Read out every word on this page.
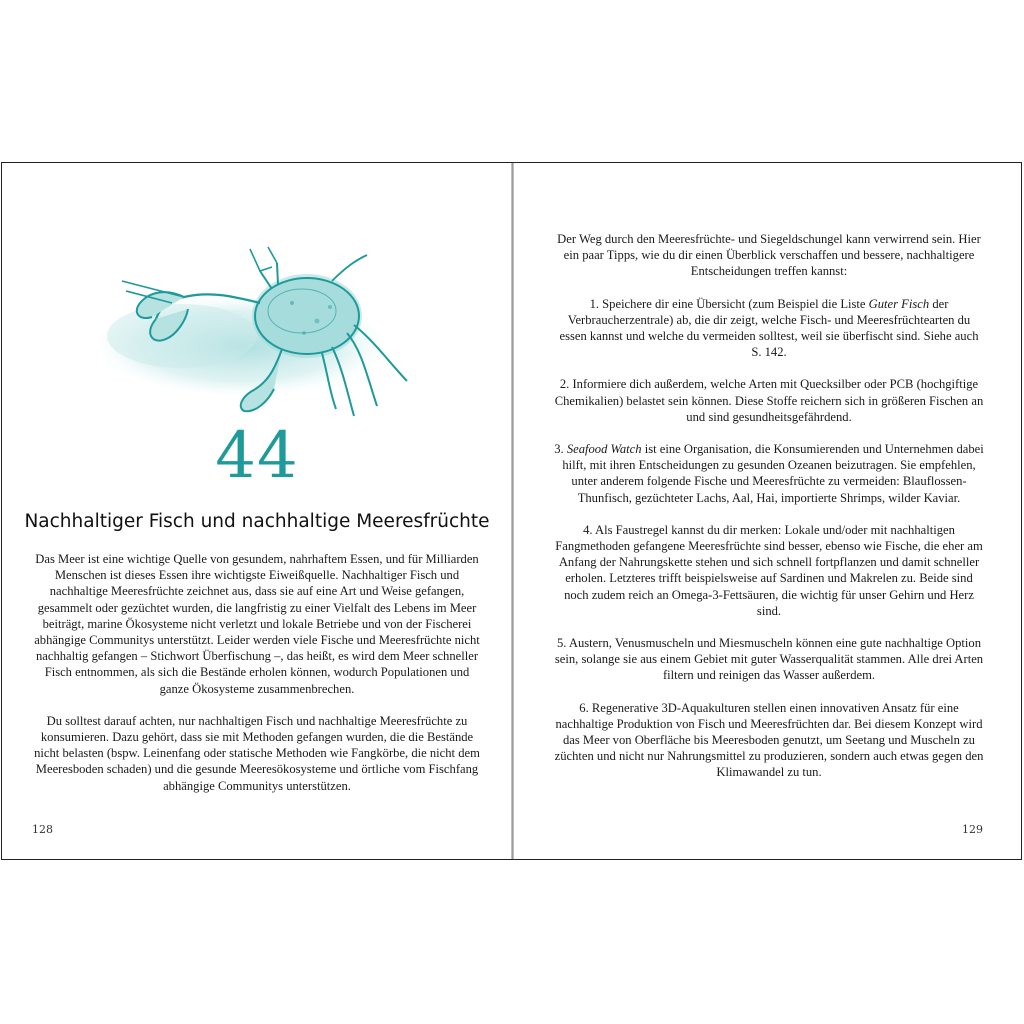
44
Nachhaltiger Fisch und nachhaltige Meeresfrüchte

Das Meer ist eine wichtige Quelle von gesundem, nahrhaftem Essen, und für Milliarden Menschen ist dieses Essen ihre wichtigste Eiweißquelle. Nachhaltiger Fisch und nachhaltige Meeresfrüchte zeichnet aus, dass sie auf eine Art und Weise gefangen, gesammelt oder gezüchtet wurden, die langfristig zu einer Vielfalt des Lebens im Meer beiträgt, marine Ökosysteme nicht verletzt und lokale Betriebe und von der Fischerei abhängige Communitys unterstützt. Leider werden viele Fische und Meeresfrüchte nicht nachhaltig gefangen – Stichwort Überfischung –, das heißt, es wird dem Meer schneller Fisch entnommen, als sich die Bestände erholen können, wodurch Populationen und ganze Ökosysteme zusammenbrechen.

Du solltest darauf achten, nur nachhaltigen Fisch und nachhaltige Meeresfrüchte zu konsumieren. Dazu gehört, dass sie mit Methoden gefangen wurden, die die Bestände nicht belasten (bspw. Leinenfang oder statische Methoden wie Fangkörbe, die nicht dem Meeresboden schaden) und die gesunde Meeresökosysteme und örtliche vom Fischfang abhängige Communitys unterstützen.

128

Der Weg durch den Meeresfrüchte- und Siegeldschungel kann verwirrend sein. Hier ein paar Tipps, wie du dir einen Überblick verschaffen und bessere, nachhaltigere Entscheidungen treffen kannst:

1. Speichere dir eine Übersicht (zum Beispiel die Liste Guter Fisch der Verbraucherzentrale) ab, die dir zeigt, welche Fisch- und Meeresfrüchtearten du essen kannst und welche du vermeiden solltest, weil sie überfischt sind. Siehe auch S. 142.

2. Informiere dich außerdem, welche Arten mit Quecksilber oder PCB (hochgiftige Chemikalien) belastet sein können. Diese Stoffe reichern sich in größeren Fischen an und sind gesundheitsgefährdend.

3. Seafood Watch ist eine Organisation, die Konsumierenden und Unternehmen dabei hilft, mit ihren Entscheidungen zu gesunden Ozeanen beizutragen. Sie empfehlen, unter anderem folgende Fische und Meeresfrüchte zu vermeiden: Blauflossen-Thunfisch, gezüchteter Lachs, Aal, Hai, importierte Shrimps, wilder Kaviar.

4. Als Faustregel kannst du dir merken: Lokale und/oder mit nachhaltigen Fangmethoden gefangene Meeresfrüchte sind besser, ebenso wie Fische, die eher am Anfang der Nahrungskette stehen und sich schnell fortpflanzen und damit schneller erholen. Letzteres trifft beispielsweise auf Sardinen und Makrelen zu. Beide sind noch zudem reich an Omega-3-Fettsäuren, die wichtig für unser Gehirn und Herz sind.

5. Austern, Venusmuscheln und Miesmuscheln können eine gute nachhaltige Option sein, solange sie aus einem Gebiet mit guter Wasserqualität stammen. Alle drei Arten filtern und reinigen das Wasser außerdem.

6. Regenerative 3D-Aquakulturen stellen einen innovativen Ansatz für eine nachhaltige Produktion von Fisch und Meeresfrüchten dar. Bei diesem Konzept wird das Meer von Oberfläche bis Meeresboden genutzt, um Seetang und Muscheln zu züchten und nicht nur Nahrungsmittel zu produzieren, sondern auch etwas gegen den Klimawandel zu tun.

129
